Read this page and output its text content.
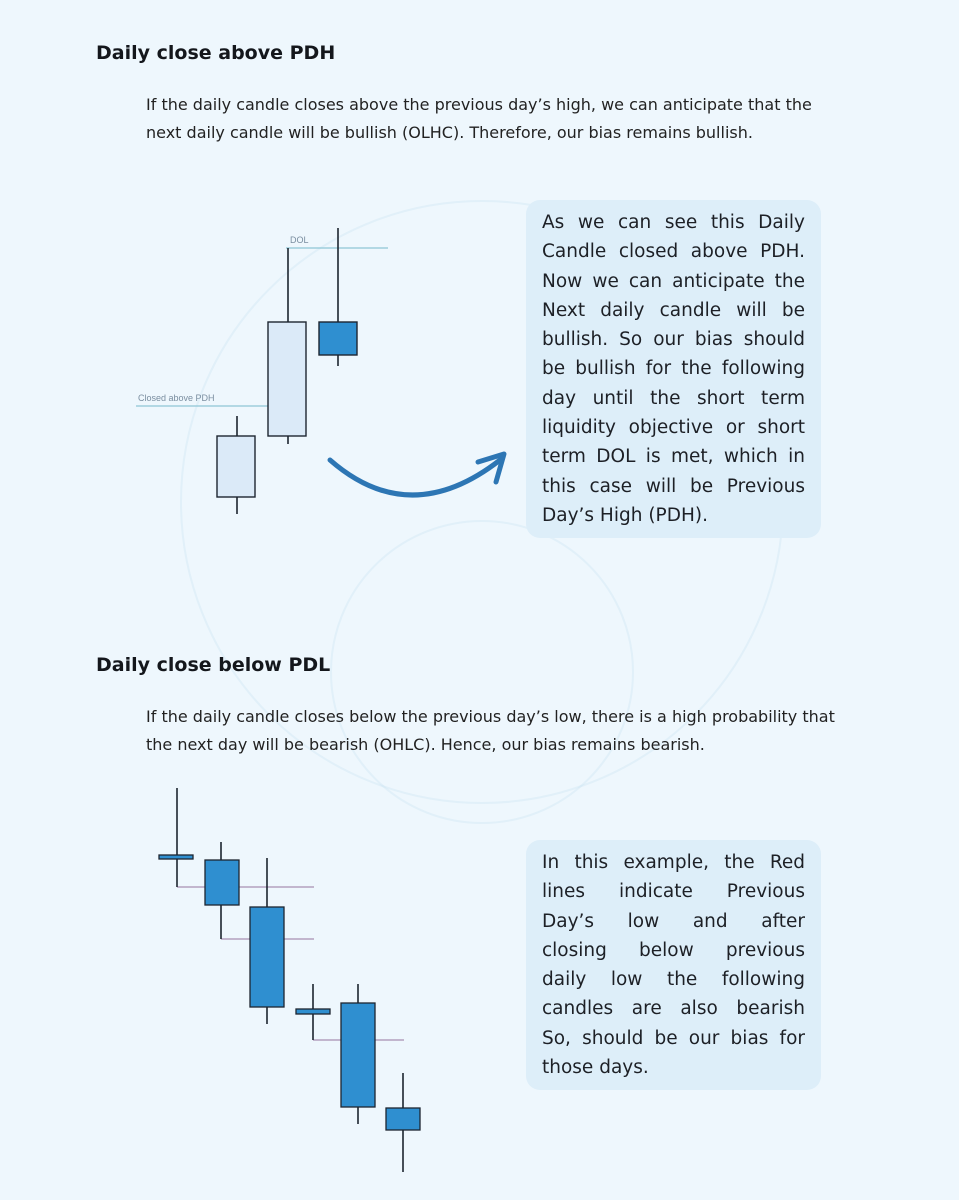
Daily close above PDH
If the daily candle closes above the previous day’s high, we can anticipate that the
next daily candle will be bullish (OLHC). Therefore, our bias remains bullish.
DOL
Closed above PDH
As we can see this Daily
Candle closed above PDH.
Now we can anticipate the
Next daily candle will be
bullish. So our bias should
be bullish for the following
day until the short term
liquidity objective or short
term DOL is met, which in
this case will be Previous
Day’s High (PDH).
Daily close below PDL
If the daily candle closes below the previous day’s low, there is a high probability that
the next day will be bearish (OHLC). Hence, our bias remains bearish.
In this example, the Red
lines indicate Previous
Day’s low and after
closing below previous
daily low the following
candles are also bearish
So, should be our bias for
those days.
